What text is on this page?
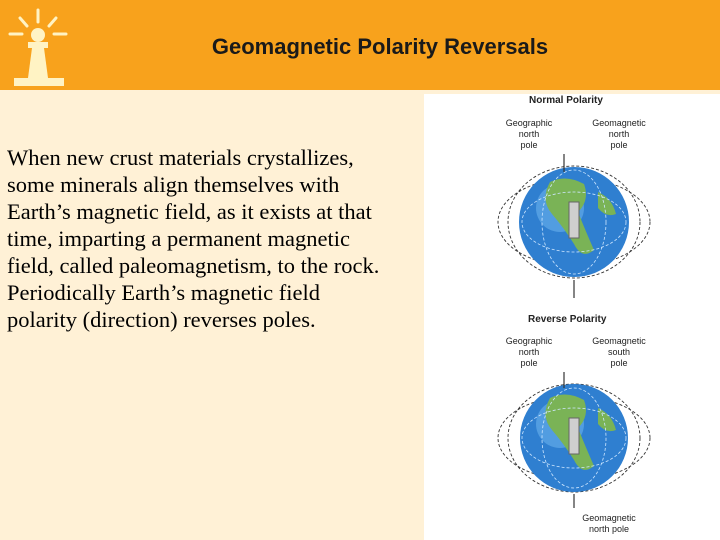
Geomagnetic Polarity Reversals
When new crust materials crystallizes,
some minerals align themselves with
Earth’s magnetic field, as it exists at that
time, imparting a permanent magnetic
field, called paleomagnetism, to the rock.
Periodically Earth’s magnetic field
polarity (direction) reverses poles.
Normal Polarity
Geographic
north
pole
Geomagnetic
north
pole
Reverse Polarity
Geographic
north
pole
Geomagnetic
south
pole
Geomagnetic
north pole
